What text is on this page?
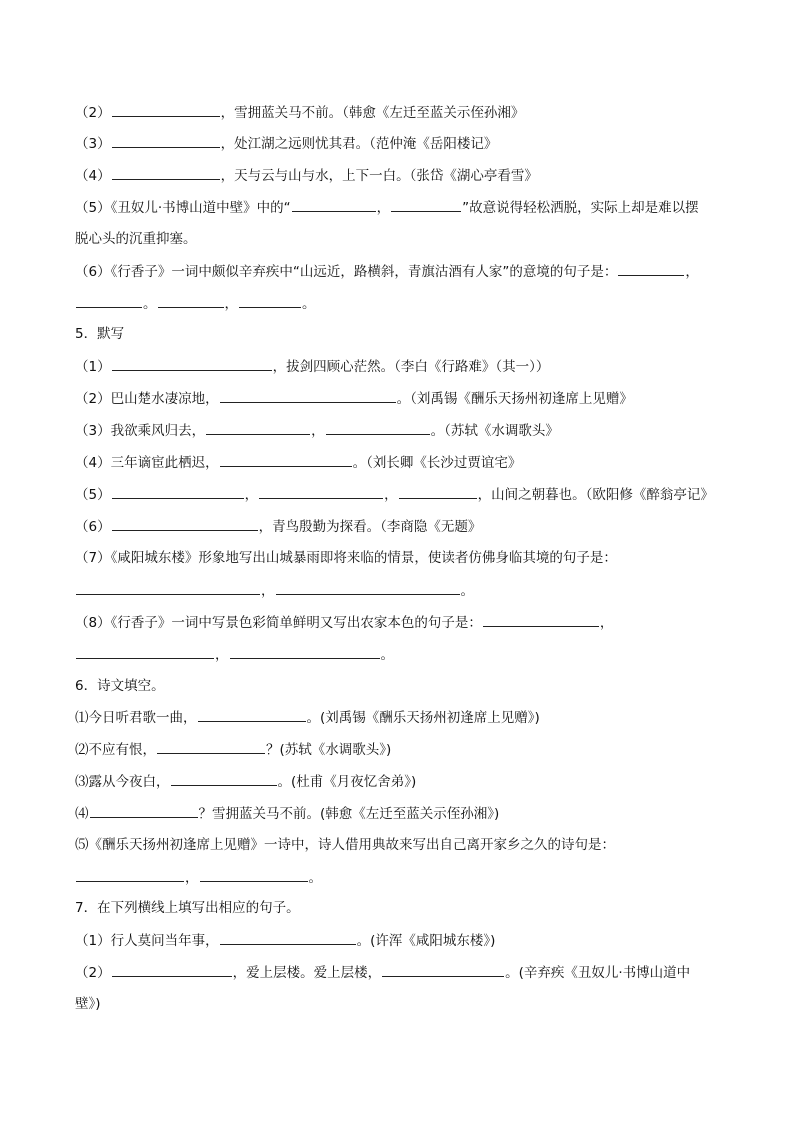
（2）	，雪拥蓝关马不前。（韩愈《左迁至蓝关示侄孙湘》
（3）	，处江湖之远则忧其君。（范仲淹《岳阳楼记》
（4）	，天与云与山与水，上下一白。（张岱《湖心亭看雪》
（5）《丑奴儿·书博山道中壁》中的“	，	”故意说得轻松洒脱，实际上却是难以摆
脱心头的沉重抑塞。
（6）《行香子》一词中颇似辛弃疾中“山远近，路横斜，青旗沽酒有人家”的意境的句子是：	，
。	，	。
5．默写
（1）	，拔剑四顾心茫然。（李白《行路难》（其一））
（2）巴山楚水凄凉地，	。（刘禹锡《酬乐天扬州初逢席上见赠》
（3）我欲乘风归去，	，	。（苏轼《水调歌头》
（4）三年谪宦此栖迟，	。（刘长卿《长沙过贾谊宅》
（5）	，	，	，山间之朝暮也。（欧阳修《醉翁亭记》
（6）	，青鸟殷勤为探看。（李商隐《无题》
（7）《咸阳城东楼》形象地写出山城暴雨即将来临的情景，使读者仿佛身临其境的句子是：
，	。
（8）《行香子》一词中写景色彩简单鲜明又写出农家本色的句子是：	，
，	。
6．诗文填空。
⑴今日听君歌一曲，	。(刘禹锡《酬乐天扬州初逢席上见赠》)
⑵不应有恨，	？(苏轼《水调歌头》)
⑶露从今夜白，	。(杜甫《月夜忆舍弟》)
⑷	？雪拥蓝关马不前。(韩愈《左迁至蓝关示侄孙湘》)
⑸《酬乐天扬州初逢席上见赠》一诗中，诗人借用典故来写出自己离开家乡之久的诗句是：
，	。
7．在下列横线上填写出相应的句子。
（1）行人莫问当年事，	。(许浑《咸阳城东楼》)
（2）	，爱上层楼。爱上层楼，	。(辛弃疾《丑奴儿·书博山道中
壁》)
